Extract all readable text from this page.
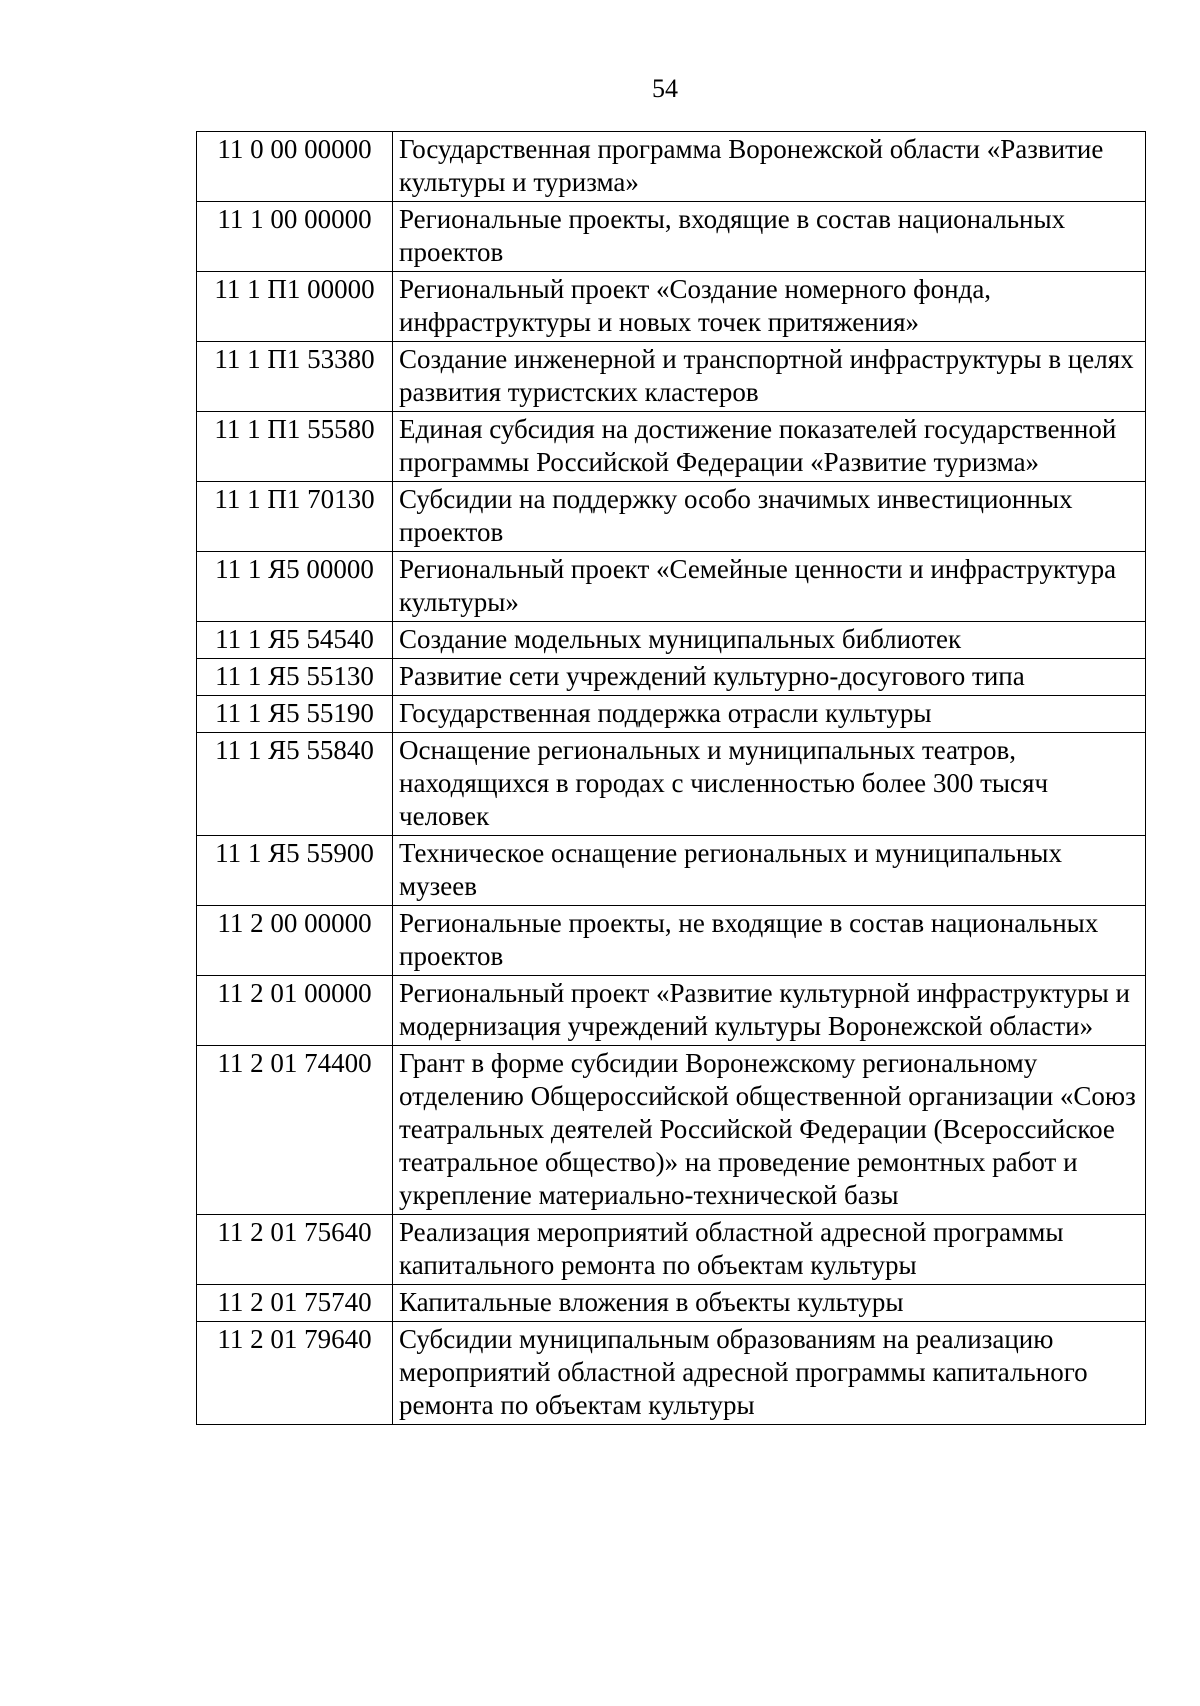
54
11 0 00 00000	Государственная программа Воронежской области «Развитие культуры и туризма»
11 1 00 00000	Региональные проекты, входящие в состав национальных проектов
11 1 П1 00000	Региональный проект «Создание номерного фонда, инфраструктуры и новых точек притяжения»
11 1 П1 53380	Создание инженерной и транспортной инфраструктуры в целях развития туристских кластеров
11 1 П1 55580	Единая субсидия на достижение показателей государственной программы Российской Федерации «Развитие туризма»
11 1 П1 70130	Субсидии на поддержку особо значимых инвестиционных проектов
11 1 Я5 00000	Региональный проект «Семейные ценности и инфраструктура культуры»
11 1 Я5 54540	Создание модельных муниципальных библиотек
11 1 Я5 55130	Развитие сети учреждений культурно-досугового типа
11 1 Я5 55190	Государственная поддержка отрасли культуры
11 1 Я5 55840	Оснащение региональных и муниципальных театров, находящихся в городах с численностью более 300 тысяч человек
11 1 Я5 55900	Техническое оснащение региональных и муниципальных музеев
11 2 00 00000	Региональные проекты, не входящие в состав национальных проектов
11 2 01 00000	Региональный проект «Развитие культурной инфраструктуры и модернизация учреждений культуры Воронежской области»
11 2 01 74400	Грант в форме субсидии Воронежскому региональному отделению Общероссийской общественной организации «Союз театральных деятелей Российской Федерации (Всероссийское театральное общество)» на проведение ремонтных работ и укрепление материально-технической базы
11 2 01 75640	Реализация мероприятий областной адресной программы капитального ремонта по объектам культуры
11 2 01 75740	Капитальные вложения в объекты культуры
11 2 01 79640	Субсидии муниципальным образованиям на реализацию мероприятий областной адресной программы капитального ремонта по объектам культуры
